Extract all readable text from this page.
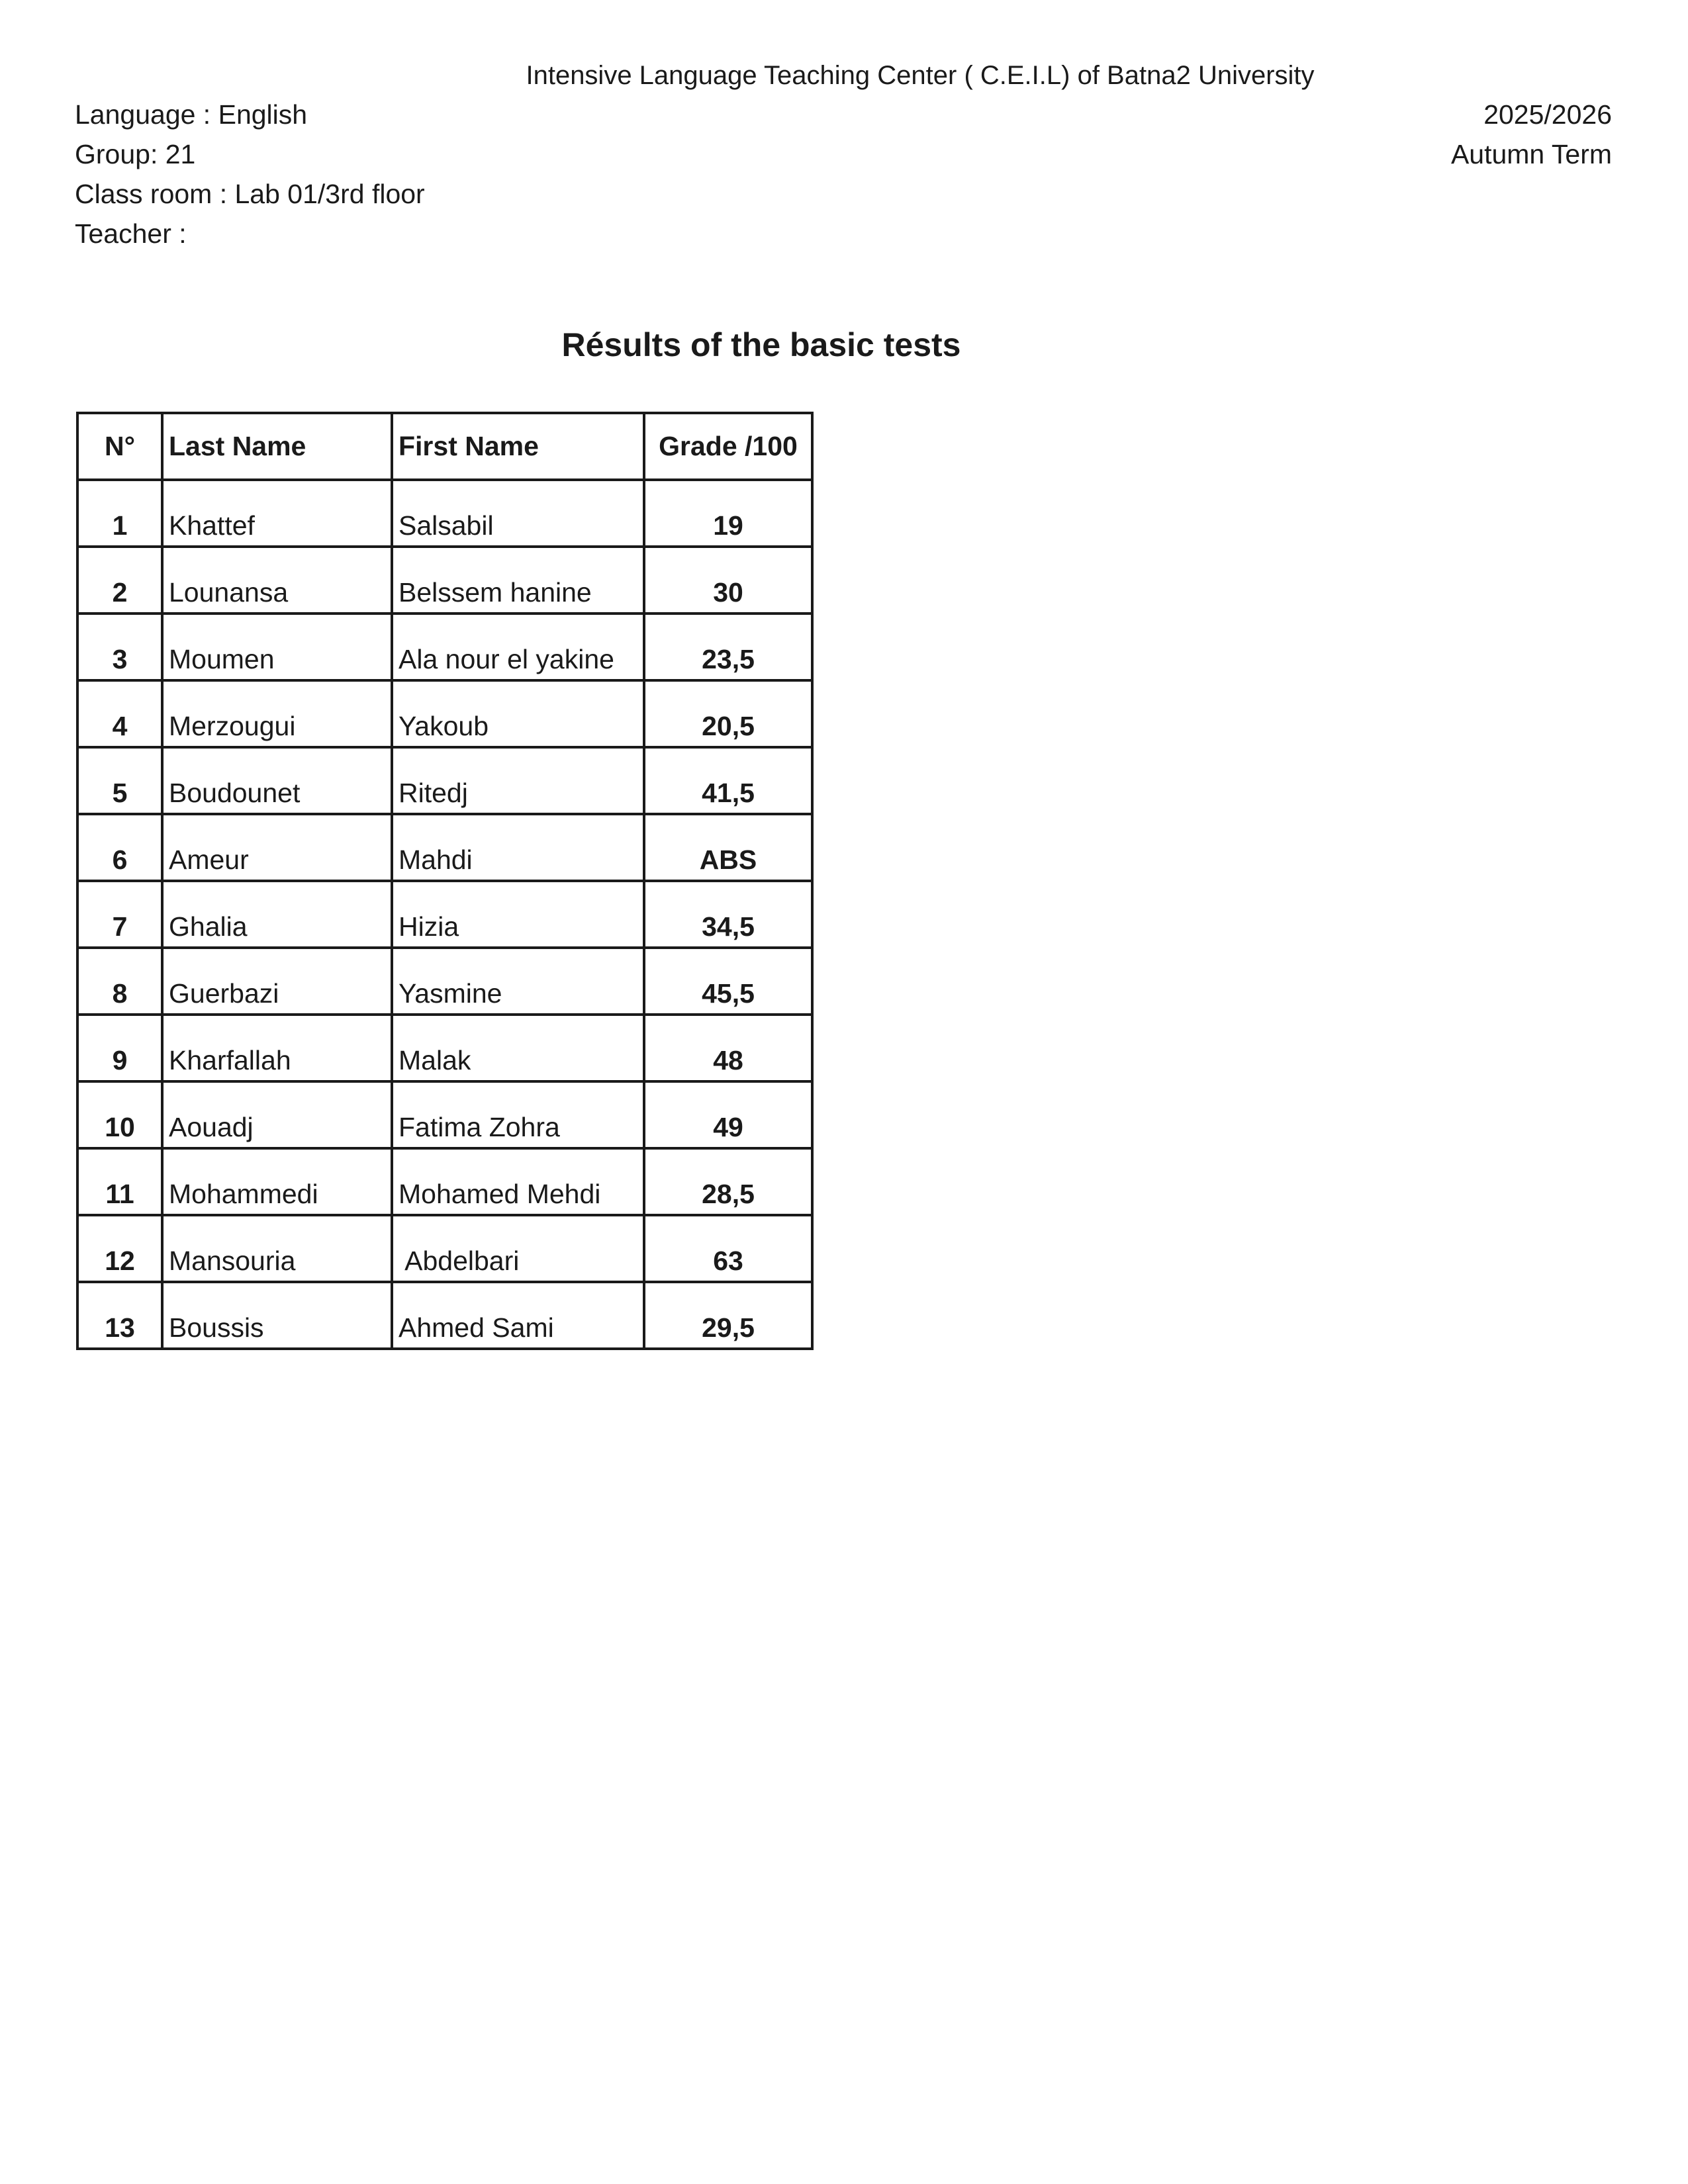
Intensive Language Teaching Center ( C.E.I.L) of Batna2 University
Language : English
Group: 21
Class room : Lab 01/3rd floor
Teacher :
2025/2026
Autumn Term
Résults of the basic tests
N°	Last Name	First Name	Grade /100
1	Khattef	Salsabil	19
2	Lounansa	Belssem hanine	30
3	Moumen	Ala nour el yakine	23,5
4	Merzougui	Yakoub	20,5
5	Boudounet	Ritedj	41,5
6	Ameur	Mahdi	ABS
7	Ghalia	Hizia	34,5
8	Guerbazi	Yasmine	45,5
9	Kharfallah	Malak	48
10	Aouadj	Fatima Zohra	49
11	Mohammedi	Mohamed Mehdi	28,5
12	Mansouria	Abdelbari	63
13	Boussis	Ahmed Sami	29,5
